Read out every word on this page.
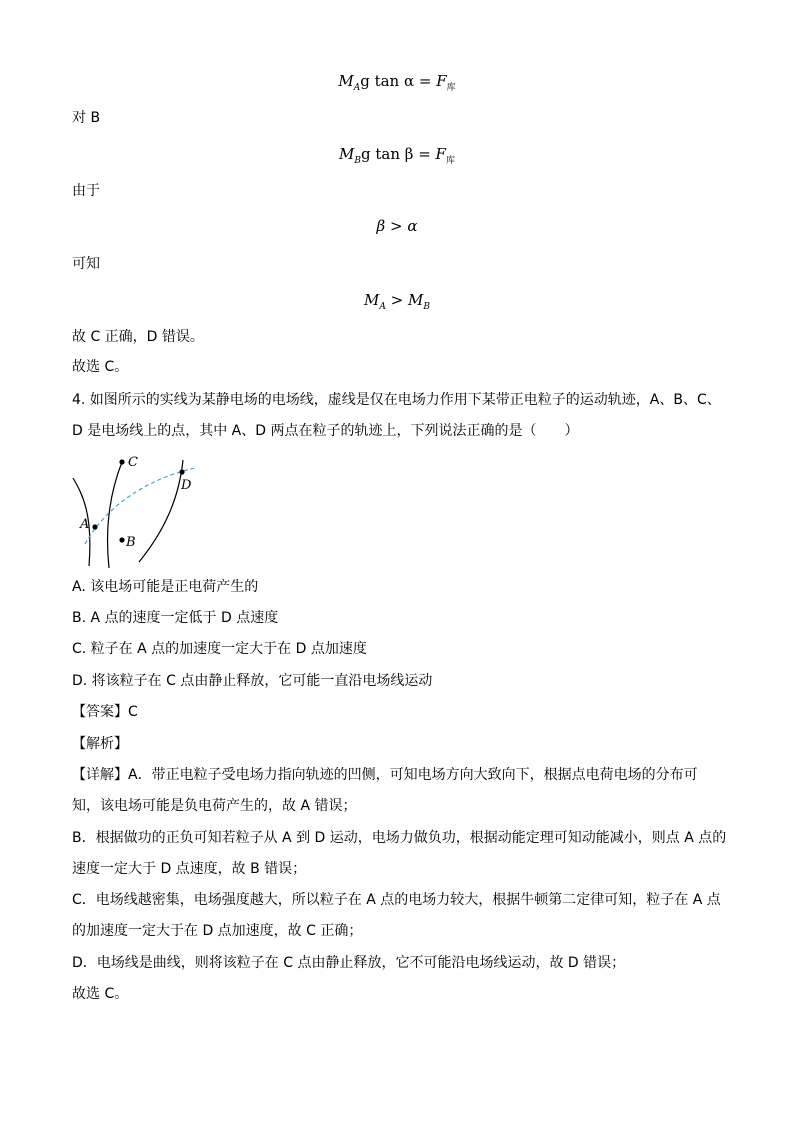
$M_Ag$ $\tan \alpha = F_库$
对 B
$M_Bg$ $\tan \beta = F_库$
由于
β > α
可知
$M_A > M_B$
故 C 正确，D 错误。
故选 C。
4. 如图所示的实线为某静电场的电场线，虚线是仅在电场力作用下某带正电粒子的运动轨迹，A、B、C、
D 是电场线上的点，其中 A、D 两点在粒子的轨迹上，下列说法正确的是（　　）
C
D
A
B
A. 该电场可能是正电荷产生的
B. A 点的速度一定低于 D 点速度
C. 粒子在 A 点的加速度一定大于在 D 点加速度
D. 将该粒子在 C 点由静止释放，它可能一直沿电场线运动
【答案】C
【解析】
【详解】A．带正电粒子受电场力指向轨迹的凹侧，可知电场方向大致向下，根据点电荷电场的分布可
知，该电场可能是负电荷产生的，故 A 错误；
B．根据做功的正负可知若粒子从 A 到 D 运动，电场力做负功，根据动能定理可知动能减小，则点 A 点的
速度一定大于 D 点速度，故 B 错误；
C．电场线越密集，电场强度越大，所以粒子在 A 点的电场力较大，根据牛顿第二定律可知，粒子在 A 点
的加速度一定大于在 D 点加速度，故 C 正确；
D．电场线是曲线，则将该粒子在 C 点由静止释放，它不可能沿电场线运动，故 D 错误；
故选 C。
